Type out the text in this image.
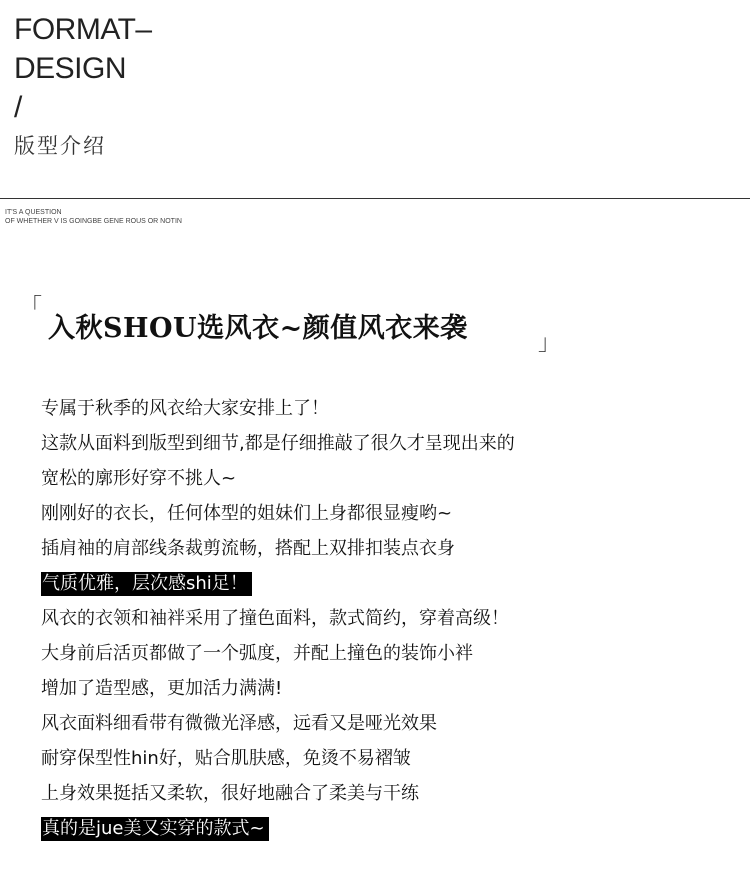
FORMAT–
DESIGN
/
版型介绍
IT'S A QUESTION
OF WHETHER V IS GOINGBE GENE ROUS OR NOTIN
「
入秋SHOU选风衣~颜值风衣来袭	」
专属于秋季的风衣给大家安排上了！
这款从面料到版型到细节,都是仔细推敲了很久才呈现出来的
宽松的廓形好穿不挑人~
刚刚好的衣长，任何体型的姐妹们上身都很显瘦哟~
插肩袖的肩部线条裁剪流畅，搭配上双排扣装点衣身
气质优雅，层次感shi足！
风衣的衣领和袖袢采用了撞色面料，款式简约，穿着高级！
大身前后活页都做了一个弧度，并配上撞色的装饰小袢
增加了造型感，更加活力满满!
风衣面料细看带有微微光泽感，远看又是哑光效果
耐穿保型性hin好，贴合肌肤感，免烫不易褶皱
上身效果挺括又柔软，很好地融合了柔美与干练
真的是jue美又实穿的款式~
